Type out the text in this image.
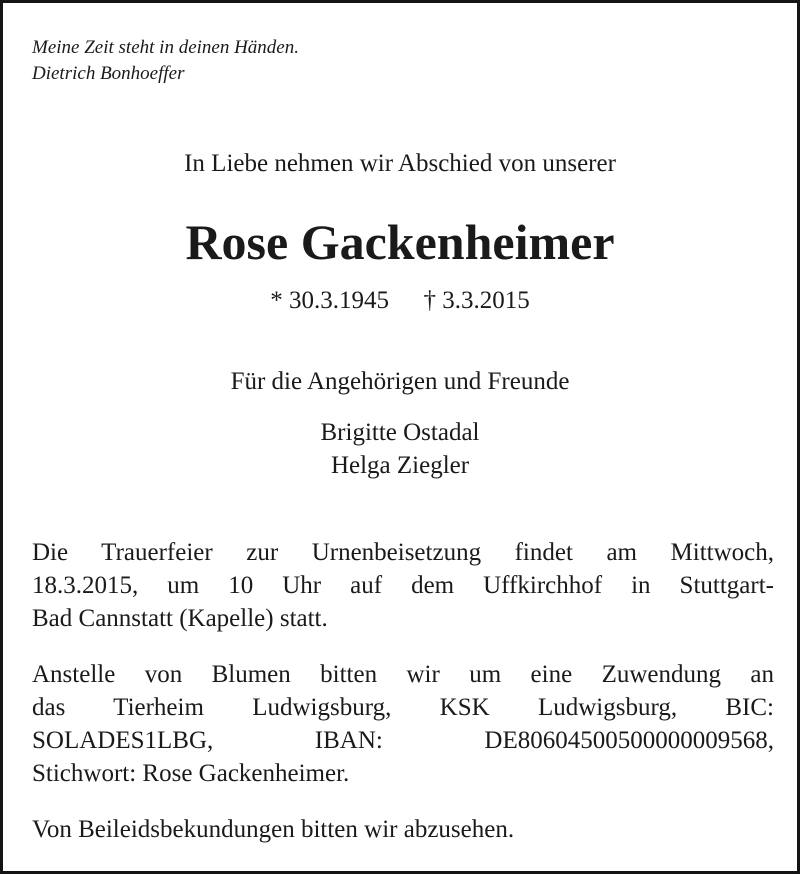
Meine Zeit steht in deinen Händen.
Dietrich Bonhoeffer
In Liebe nehmen wir Abschied von unserer
Rose Gackenheimer
* 30.3.1945 † 3.3.2015
Für die Angehörigen und Freunde
Brigitte Ostadal
Helga Ziegler
Die Trauerfeier zur Urnenbeisetzung findet am Mittwoch,
18.3.2015, um 10 Uhr auf dem Uffkirchhof in Stuttgart-
Bad Cannstatt (Kapelle) statt.
Anstelle von Blumen bitten wir um eine Zuwendung an
das Tierheim Ludwigsburg, KSK Ludwigsburg, BIC:
SOLADES1LBG, IBAN: DE80604500500000009568,
Stichwort: Rose Gackenheimer.
Von Beileidsbekundungen bitten wir abzusehen.
